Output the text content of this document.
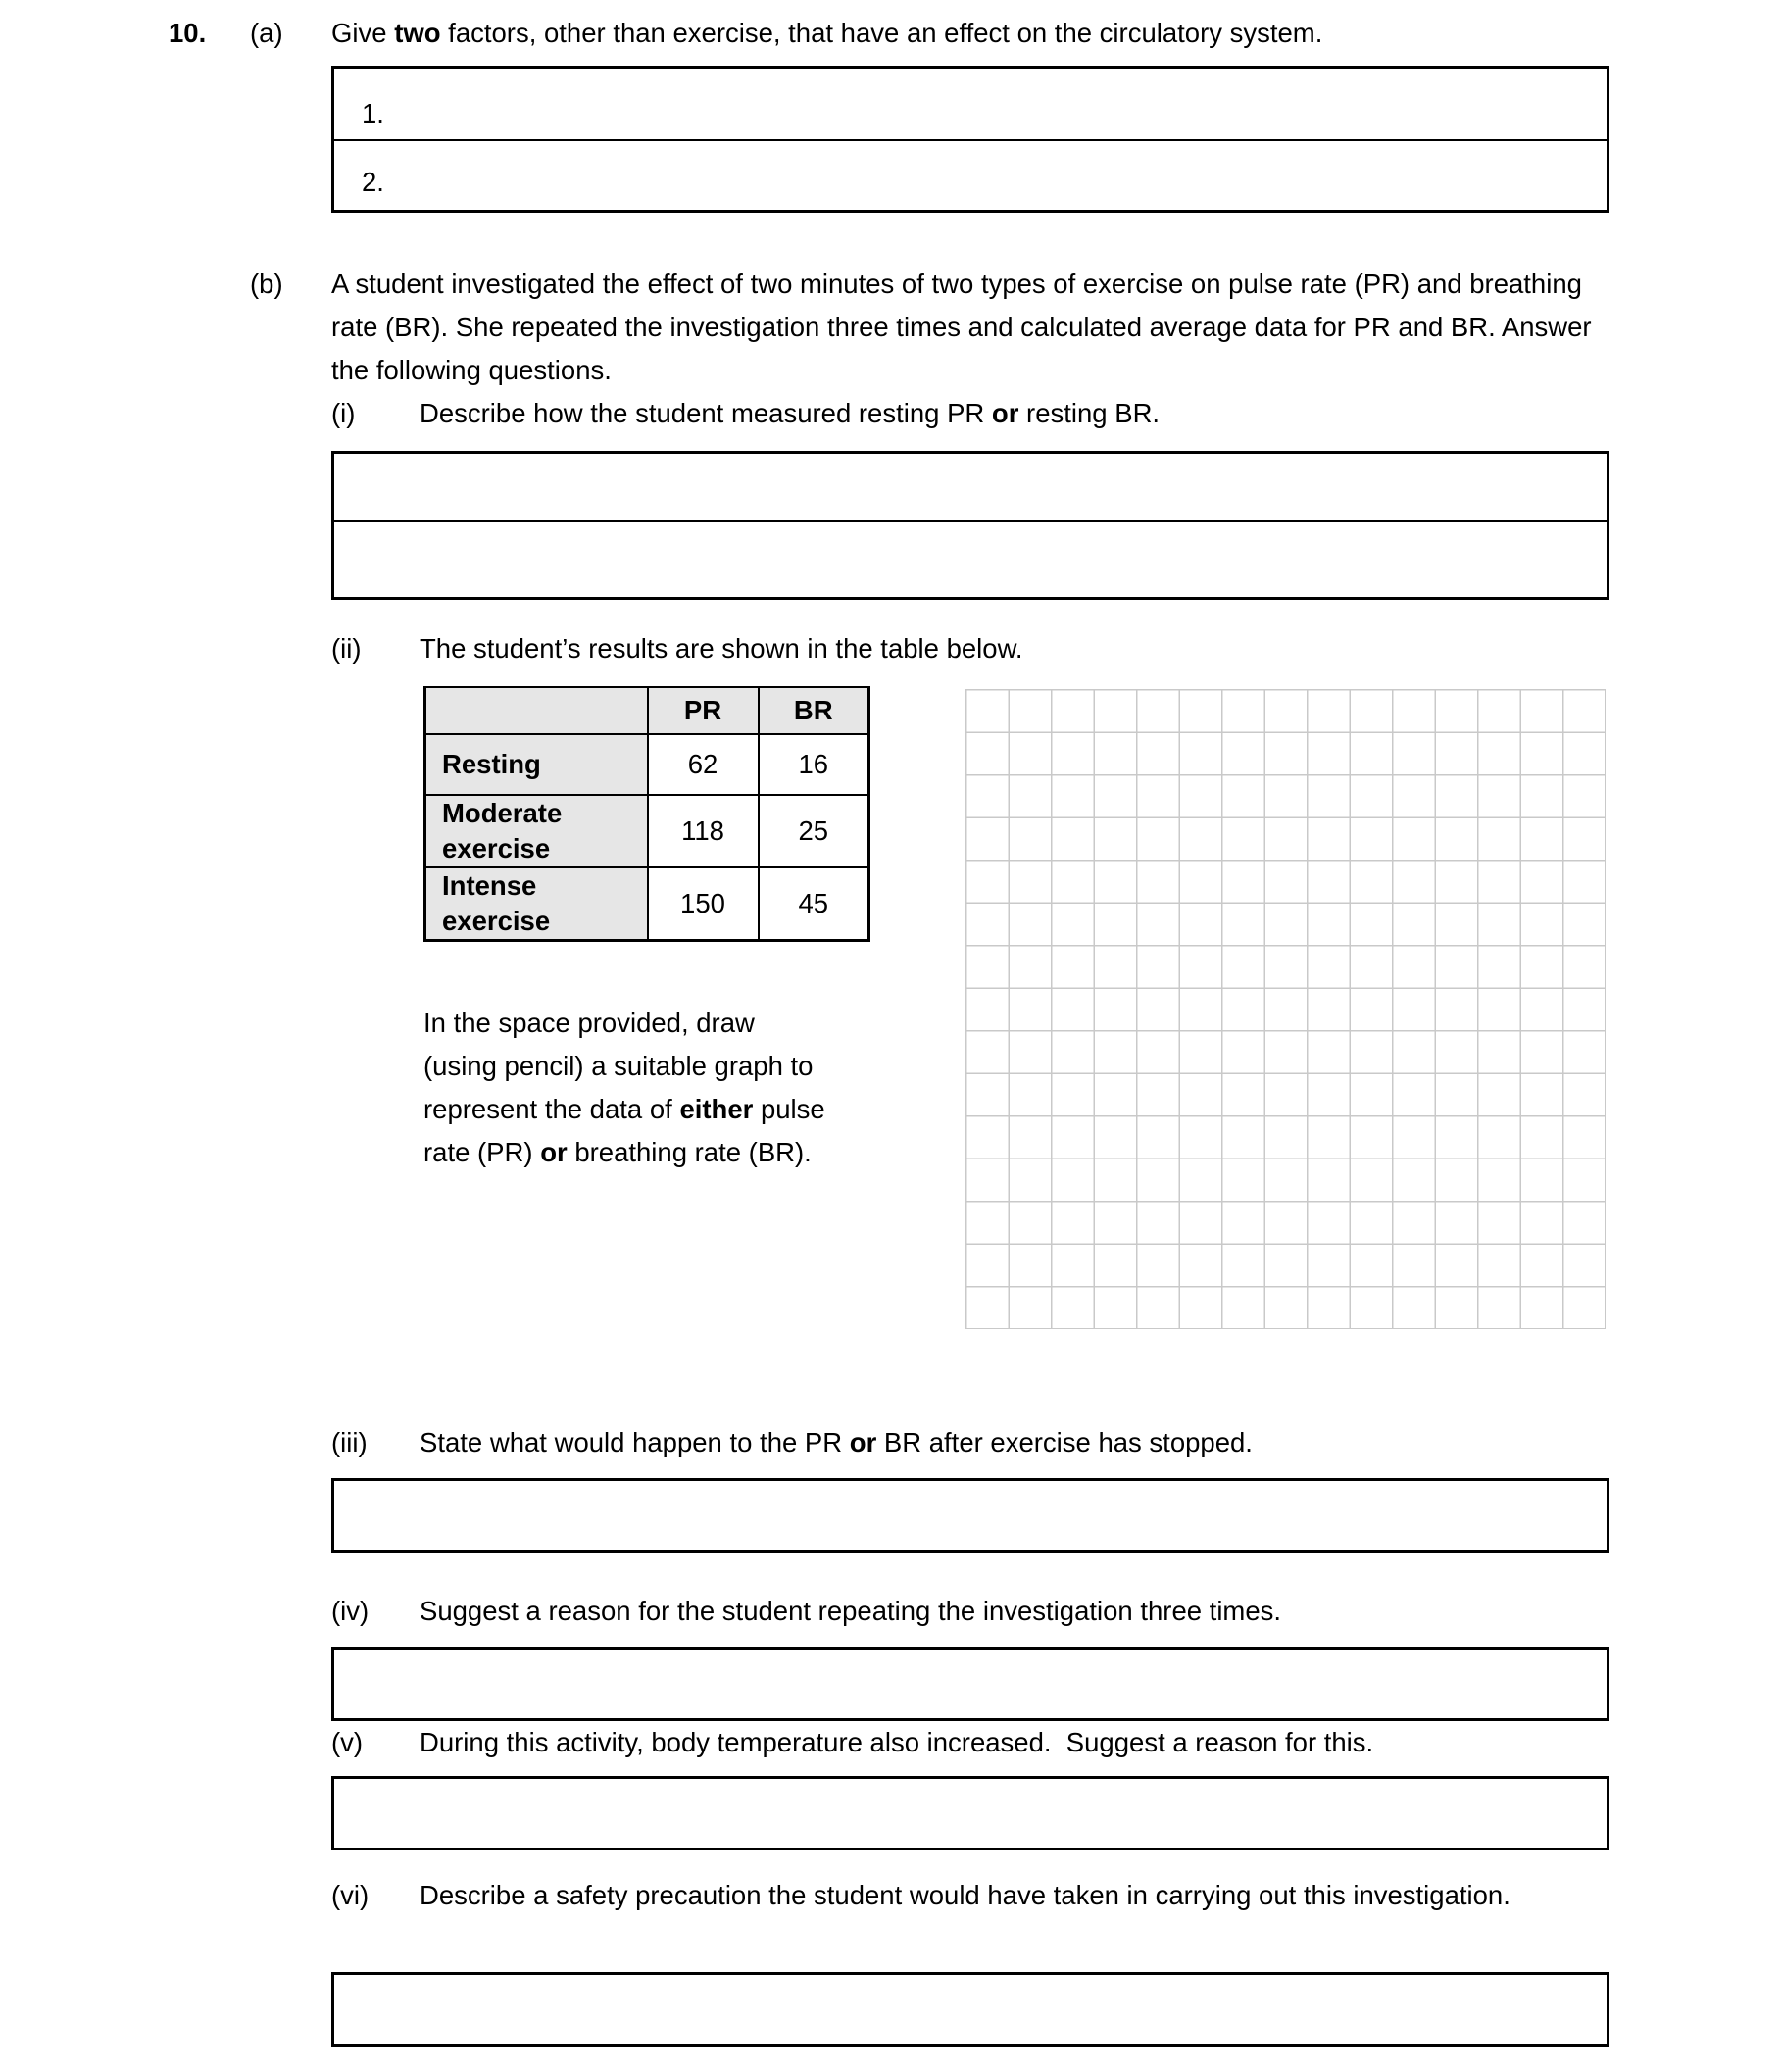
10. (a) Give two factors, other than exercise, that have an effect on the circulatory system.
1.
2.
(b) A student investigated the effect of two minutes of two types of exercise on pulse rate (PR) and breathing rate (BR). She repeated the investigation three times and calculated average data for PR and BR. Answer the following questions.
(i) Describe how the student measured resting PR or resting BR.
(ii) The student’s results are shown in the table below.
	PR	BR
Resting	62	16
Moderate exercise	118	25
Intense exercise	150	45
In the space provided, draw (using pencil) a suitable graph to represent the data of either pulse rate (PR) or breathing rate (BR).
(iii) State what would happen to the PR or BR after exercise has stopped.
(iv) Suggest a reason for the student repeating the investigation three times.
(v) During this activity, body temperature also increased.  Suggest a reason for this.
(vi) Describe a safety precaution the student would have taken in carrying out this investigation.
